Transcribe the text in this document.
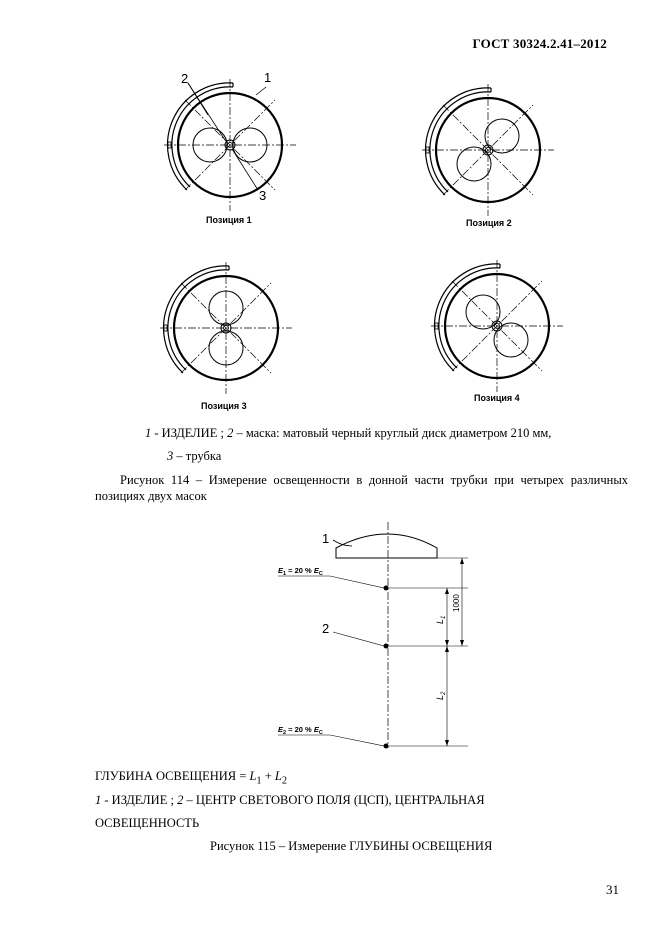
ГОСТ 30324.2.41–2012
2	1
3
Позиция 1	Позиция 2
Позиция 3
Позиция 4
1 - ИЗДЕЛИЕ ; 2 – маска: матовый черный круглый диск диаметром 210 мм,
3 – трубка
Рисунок 114 – Измерение освещенности в донной части трубки при четырех различных позициях двух масок
1
$E_1 = 20$ % $E_C$
2
$E_2 = 20$ % $E_C$
1000
$L_1$
$L_2$
ГЛУБИНА ОСВЕЩЕНИЯ = $L_1 + L_2$
1 - ИЗДЕЛИЕ ; 2 – ЦЕНТР СВЕТОВОГО ПОЛЯ (ЦСП), ЦЕНТРАЛЬНАЯ
ОСВЕЩЕННОСТЬ
Рисунок 115 – Измерение ГЛУБИНЫ ОСВЕЩЕНИЯ
31
